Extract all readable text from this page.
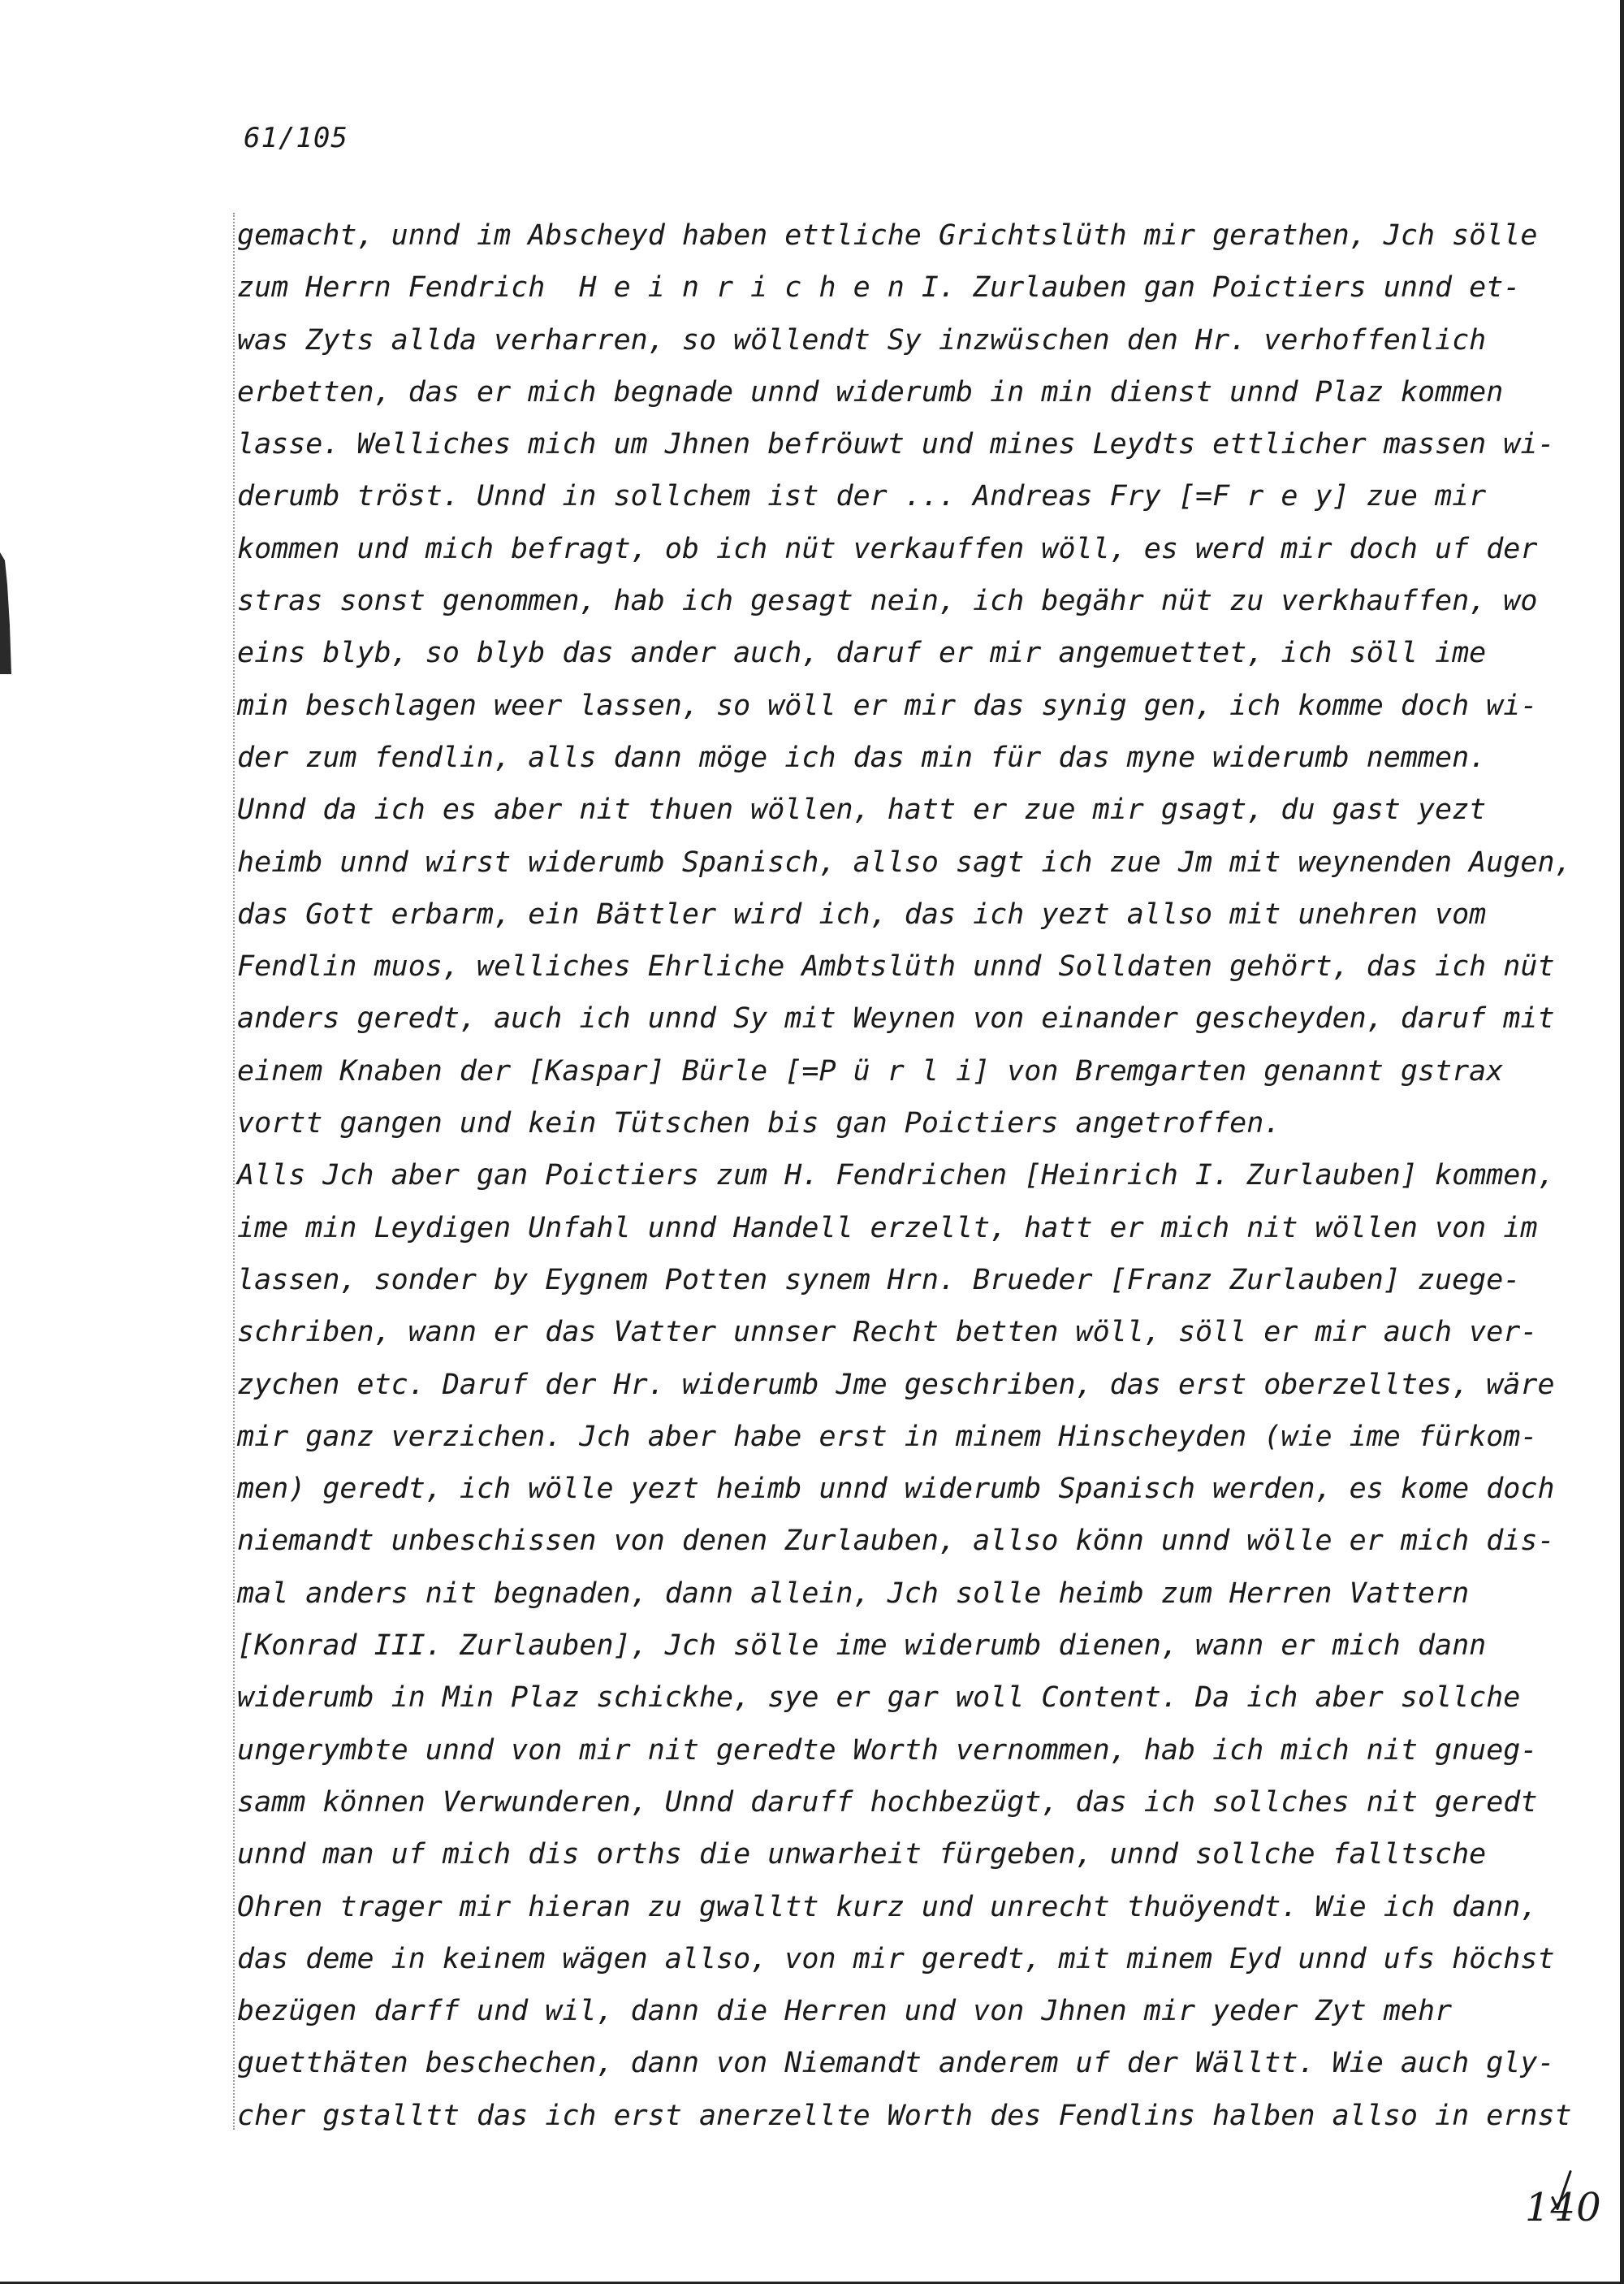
61/105
gemacht, unnd im Abscheyd haben ettliche Grichtslüth mir gerathen, Jch sölle
zum Herrn Fendrich  H e i n r i c h e n I. Zurlauben gan Poictiers unnd et-
was Zyts allda verharren, so wöllendt Sy inzwüschen den Hr. verhoffenlich
erbetten, das er mich begnade unnd widerumb in min dienst unnd Plaz kommen
lasse. Welliches mich um Jhnen befröuwt und mines Leydts ettlicher massen wi-
derumb tröst. Unnd in sollchem ist der ... Andreas Fry [=F r e y] zue mir
kommen und mich befragt, ob ich nüt verkauffen wöll, es werd mir doch uf der
stras sonst genommen, hab ich gesagt nein, ich begähr nüt zu verkhauffen, wo
eins blyb, so blyb das ander auch, daruf er mir angemuettet, ich söll ime
min beschlagen weer lassen, so wöll er mir das synig gen, ich komme doch wi-
der zum fendlin, alls dann möge ich das min für das myne widerumb nemmen.
Unnd da ich es aber nit thuen wöllen, hatt er zue mir gsagt, du gast yezt
heimb unnd wirst widerumb Spanisch, allso sagt ich zue Jm mit weynenden Augen,
das Gott erbarm, ein Bättler wird ich, das ich yezt allso mit unehren vom
Fendlin muos, welliches Ehrliche Ambtslüth unnd Solldaten gehört, das ich nüt
anders geredt, auch ich unnd Sy mit Weynen von einander gescheyden, daruf mit
einem Knaben der [Kaspar] Bürle [=P ü r l i] von Bremgarten genannt gstrax
vortt gangen und kein Tütschen bis gan Poictiers angetroffen.
Alls Jch aber gan Poictiers zum H. Fendrichen [Heinrich I. Zurlauben] kommen,
ime min Leydigen Unfahl unnd Handell erzellt, hatt er mich nit wöllen von im
lassen, sonder by Eygnem Potten synem Hrn. Brueder [Franz Zurlauben] zuege-
schriben, wann er das Vatter unnser Recht betten wöll, söll er mir auch ver-
zychen etc. Daruf der Hr. widerumb Jme geschriben, das erst oberzelltes, wäre
mir ganz verzichen. Jch aber habe erst in minem Hinscheyden (wie ime fürkom-
men) geredt, ich wölle yezt heimb unnd widerumb Spanisch werden, es kome doch
niemandt unbeschissen von denen Zurlauben, allso könn unnd wölle er mich dis-
mal anders nit begnaden, dann allein, Jch solle heimb zum Herren Vattern
[Konrad III. Zurlauben], Jch sölle ime widerumb dienen, wann er mich dann
widerumb in Min Plaz schickhe, sye er gar woll Content. Da ich aber sollche
ungerymbte unnd von mir nit geredte Worth vernommen, hab ich mich nit gnueg-
samm können Verwunderen, Unnd daruff hochbezügt, das ich sollches nit geredt
unnd man uf mich dis orths die unwarheit fürgeben, unnd sollche falltsche
Ohren trager mir hieran zu gwalltt kurz und unrecht thuöyendt. Wie ich dann,
das deme in keinem wägen allso, von mir geredt, mit minem Eyd unnd ufs höchst
bezügen darff und wil, dann die Herren und von Jhnen mir yeder Zyt mehr
guetthäten beschechen, dann von Niemandt anderem uf der Wälltt. Wie auch gly-
cher gstalltt das ich erst anerzellte Worth des Fendlins halben allso in ernst
140
